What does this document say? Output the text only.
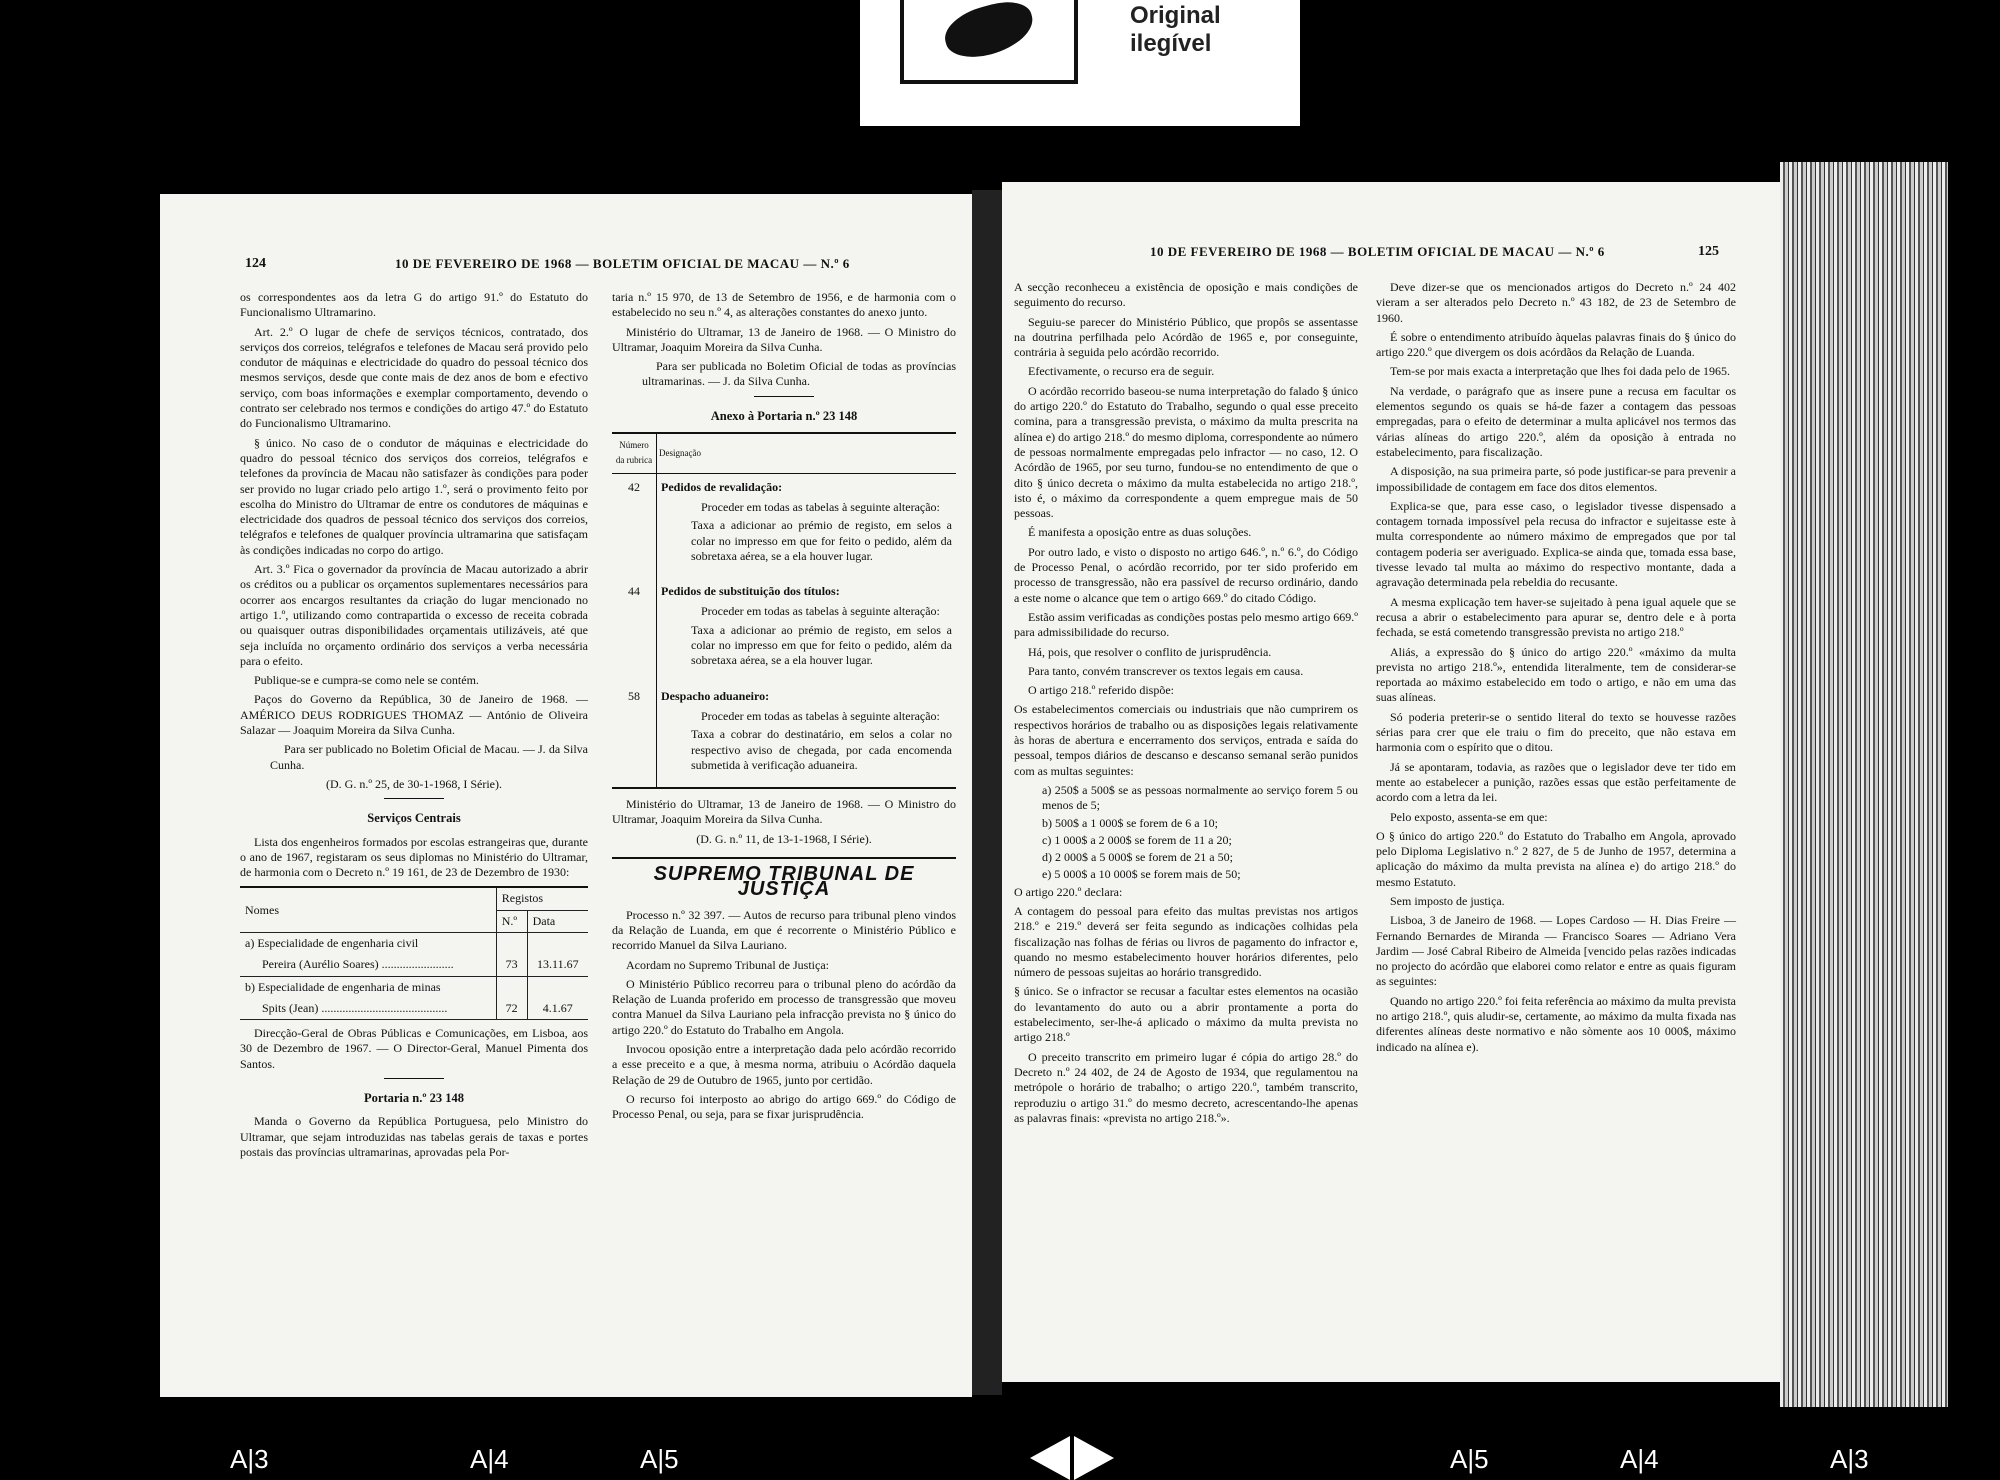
Original ilegível
124	10 DE FEVEREIRO DE 1968 — BOLETIM OFICIAL DE MACAU — N.º 6

os correspondentes aos da letra G do artigo 91.º do Estatuto do Funcionalismo Ultramarino.

Art. 2.º O lugar de chefe de serviços técnicos, contratado, dos serviços dos correios, telégrafos e telefones de Macau será provido pelo condutor de máquinas e electricidade do quadro do pessoal técnico dos mesmos serviços, desde que conte mais de dez anos de bom e efectivo serviço, com boas informações e exemplar comportamento, devendo o contrato ser celebrado nos termos e condições do artigo 47.º do Estatuto do Funcionalismo Ultramarino.

§ único. No caso de o condutor de máquinas e electricidade do quadro do pessoal técnico dos serviços dos correios, telégrafos e telefones da província de Macau não satisfazer às condições para poder ser provido no lugar criado pelo artigo 1.º, será o provimento feito por escolha do Ministro do Ultramar de entre os condutores de máquinas e electricidade dos quadros de pessoal técnico dos serviços dos correios, telégrafos e telefones de qualquer província ultramarina que satisfaçam às condições indicadas no corpo do artigo.

Art. 3.º Fica o governador da província de Macau autorizado a abrir os créditos ou a publicar os orçamentos suplementares necessários para ocorrer aos encargos resultantes da criação do lugar mencionado no artigo 1.º, utilizando como contrapartida o excesso de receita cobrada ou quaisquer outras disponibilidades orçamentais utilizáveis, até que seja incluída no orçamento ordinário dos serviços a verba necessária para o efeito.

Publique-se e cumpra-se como nele se contém.

Paços do Governo da República, 30 de Janeiro de 1968. — AMÉRICO DEUS RODRIGUES THOMAZ — António de Oliveira Salazar — Joaquim Moreira da Silva Cunha.

Para ser publicado no Boletim Oficial de Macau. — J. da Silva Cunha.

(D. G. n.º 25, de 30-1-1968, I Série).

Serviços Centrais

Lista dos engenheiros formados por escolas estrangeiras que, durante o ano de 1967, registaram os seus diplomas no Ministério do Ultramar, de harmonia com o Decreto n.º 19 161, de 23 de Dezembro de 1930:

Nomes	Registos	
	N.º	Data
a) Especialidade de engenharia civil		
Pereira (Aurélio Soares) ........................	73	13.11.67
b) Especialidade de engenharia de minas		
Spits (Jean) ..........................................	72	4.1.67

Direcção-Geral de Obras Públicas e Comunicações, em Lisboa, aos 30 de Dezembro de 1967. — O Director-Geral, Manuel Pimenta dos Santos.

Portaria n.º 23 148

Manda o Governo da República Portuguesa, pelo Ministro do Ultramar, que sejam introduzidas nas tabelas gerais de taxas e portes postais das províncias ultramarinas, aprovadas pela Por-

taria n.º 15 970, de 13 de Setembro de 1956, e de harmonia com o estabelecido no seu n.º 4, as alterações constantes do anexo junto.

Ministério do Ultramar, 13 de Janeiro de 1968. — O Ministro do Ultramar, Joaquim Moreira da Silva Cunha.

Para ser publicada no Boletim Oficial de todas as províncias ultramarinas. — J. da Silva Cunha.

Anexo à Portaria n.º 23 148
Número da rubrica	Designação
42	Pedidos de revalidação:
Proceder em todas as tabelas à seguinte alteração:
Taxa a adicionar ao prémio de registo, em selos a colar no impresso em que for feito o pedido, além da sobretaxa aérea, se a ela houver lugar.

44	Pedidos de substituição dos títulos:
Proceder em todas as tabelas à seguinte alteração:
Taxa a adicionar ao prémio de registo, em selos a colar no impresso em que for feito o pedido, além da sobretaxa aérea, se a ela houver lugar.

58	Despacho aduaneiro:
Proceder em todas as tabelas à seguinte alteração:
Taxa a cobrar do destinatário, em selos a colar no respectivo aviso de chegada, por cada encomenda submetida à verificação aduaneira.

Ministério do Ultramar, 13 de Janeiro de 1968. — O Ministro do Ultramar, Joaquim Moreira da Silva Cunha.

(D. G. n.º 11, de 13-1-1968, I Série).

SUPREMO TRIBUNAL DE JUSTIÇA

Processo n.º 32 397. — Autos de recurso para tribunal pleno vindos da Relação de Luanda, em que é recorrente o Ministério Público e recorrido Manuel da Silva Lauriano.

Acordam no Supremo Tribunal de Justiça:

O Ministério Público recorreu para o tribunal pleno do acórdão da Relação de Luanda proferido em processo de transgressão que moveu contra Manuel da Silva Lauriano pela infracção prevista no § único do artigo 220.º do Estatuto do Trabalho em Angola.

Invocou oposição entre a interpretação dada pelo acórdão recorrido a esse preceito e a que, à mesma norma, atribuiu o Acórdão daquela Relação de 29 de Outubro de 1965, junto por certidão.

O recurso foi interposto ao abrigo do artigo 669.º do Código de Processo Penal, ou seja, para se fixar jurisprudência.

10 DE FEVEREIRO DE 1968 — BOLETIM OFICIAL DE MACAU — N.º 6	125

A secção reconheceu a existência de oposição e mais condições de seguimento do recurso.

Seguiu-se parecer do Ministério Público, que propôs se assentasse na doutrina perfilhada pelo Acórdão de 1965 e, por conseguinte, contrária à seguida pelo acórdão recorrido.

Efectivamente, o recurso era de seguir.

O acórdão recorrido baseou-se numa interpretação do falado § único do artigo 220.º do Estatuto do Trabalho, segundo o qual esse preceito comina, para a transgressão prevista, o máximo da multa prescrita na alínea e) do artigo 218.º do mesmo diploma, correspondente ao número de pessoas normalmente empregadas pelo infractor — no caso, 12. O Acórdão de 1965, por seu turno, fundou-se no entendimento de que o dito § único decreta o máximo da multa estabelecida no artigo 218.º, isto é, o máximo da correspondente a quem empregue mais de 50 pessoas.

É manifesta a oposição entre as duas soluções.

Por outro lado, e visto o disposto no artigo 646.º, n.º 6.º, do Código de Processo Penal, o acórdão recorrido, por ter sido proferido em processo de transgressão, não era passível de recurso ordinário, dando a este nome o alcance que tem o artigo 669.º do citado Código.

Estão assim verificadas as condições postas pelo mesmo artigo 669.º para admissibilidade do recurso.

Há, pois, que resolver o conflito de jurisprudência.

Para tanto, convém transcrever os textos legais em causa.

O artigo 218.º referido dispõe:

Os estabelecimentos comerciais ou industriais que não cumprirem os respectivos horários de trabalho ou as disposições legais relativamente às horas de abertura e encerramento dos serviços, entrada e saída do pessoal, tempos diários de descanso e descanso semanal serão punidos com as multas seguintes:

a) 250$ a 500$ se as pessoas normalmente ao serviço forem 5 ou menos de 5;

b) 500$ a 1 000$ se forem de 6 a 10;

c) 1 000$ a 2 000$ se forem de 11 a 20;

d) 2 000$ a 5 000$ se forem de 21 a 50;

e) 5 000$ a 10 000$ se forem mais de 50;

O artigo 220.º declara:

A contagem do pessoal para efeito das multas previstas nos artigos 218.º e 219.º deverá ser feita segundo as indicações colhidas pela fiscalização nas folhas de férias ou livros de pagamento do infractor e, quando no mesmo estabelecimento houver horários diferentes, pelo número de pessoas sujeitas ao horário transgredido.

§ único. Se o infractor se recusar a facultar estes elementos na ocasião do levantamento do auto ou a abrir prontamente a porta do estabelecimento, ser-lhe-á aplicado o máximo da multa prevista no artigo 218.º

O preceito transcrito em primeiro lugar é cópia do artigo 28.º do Decreto n.º 24 402, de 24 de Agosto de 1934, que regulamentou na metrópole o horário de trabalho; o artigo 220.º, também transcrito, reproduziu o artigo 31.º do mesmo decreto, acrescentando-lhe apenas as palavras finais: «prevista no artigo 218.º».

Deve dizer-se que os mencionados artigos do Decreto n.º 24 402 vieram a ser alterados pelo Decreto n.º 43 182, de 23 de Setembro de 1960.

É sobre o entendimento atribuído àquelas palavras finais do § único do artigo 220.º que divergem os dois acórdãos da Relação de Luanda.

Tem-se por mais exacta a interpretação que lhes foi dada pelo de 1965.

Na verdade, o parágrafo que as insere pune a recusa em facultar os elementos segundo os quais se há-de fazer a contagem das pessoas empregadas, para o efeito de determinar a multa aplicável nos termos das várias alíneas do artigo 220.º, além da oposição à entrada no estabelecimento, para fiscalização.

A disposição, na sua primeira parte, só pode justificar-se para prevenir a impossibilidade de contagem em face dos ditos elementos.

Explica-se que, para esse caso, o legislador tivesse dispensado a contagem tornada impossível pela recusa do infractor e sujeitasse este à multa correspondente ao número máximo de empregados que por tal contagem poderia ser averiguado. Explica-se ainda que, tomada essa base, tivesse levado tal multa ao máximo do respectivo montante, dada a agravação determinada pela rebeldia do recusante.

A mesma explicação tem haver-se sujeitado à pena igual aquele que se recusa a abrir o estabelecimento para apurar se, dentro dele e à porta fechada, se está cometendo transgressão prevista no artigo 218.º

Aliás, a expressão do § único do artigo 220.º «máximo da multa prevista no artigo 218.º», entendida literalmente, tem de considerar-se reportada ao máximo estabelecido em todo o artigo, e não em uma das suas alíneas.

Só poderia preterir-se o sentido literal do texto se houvesse razões sérias para crer que ele traiu o fim do preceito, que não estava em harmonia com o espírito que o ditou.

Já se apontaram, todavia, as razões que o legislador deve ter tido em mente ao estabelecer a punição, razões essas que estão perfeitamente de acordo com a letra da lei.

Pelo exposto, assenta-se em que:

O § único do artigo 220.º do Estatuto do Trabalho em Angola, aprovado pelo Diploma Legislativo n.º 2 827, de 5 de Junho de 1957, determina a aplicação do máximo da multa prevista na alínea e) do artigo 218.º do mesmo Estatuto.

Sem imposto de justiça.

Lisboa, 3 de Janeiro de 1968. — Lopes Cardoso — H. Dias Freire — Fernando Bernardes de Miranda — Francisco Soares — Adriano Vera Jardim — José Cabral Ribeiro de Almeida [vencido pelas razões indicadas no projecto do acórdão que elaborei como relator e entre as quais figuram as seguintes:

Quando no artigo 220.º foi feita referência ao máximo da multa prevista no artigo 218.º, quis aludir-se, certamente, ao máximo da multa fixada nas diferentes alíneas deste normativo e não sòmente aos 10 000$, máximo indicado na alínea e).

A|3	A|4	A|5	A|5	A|4	A|3
